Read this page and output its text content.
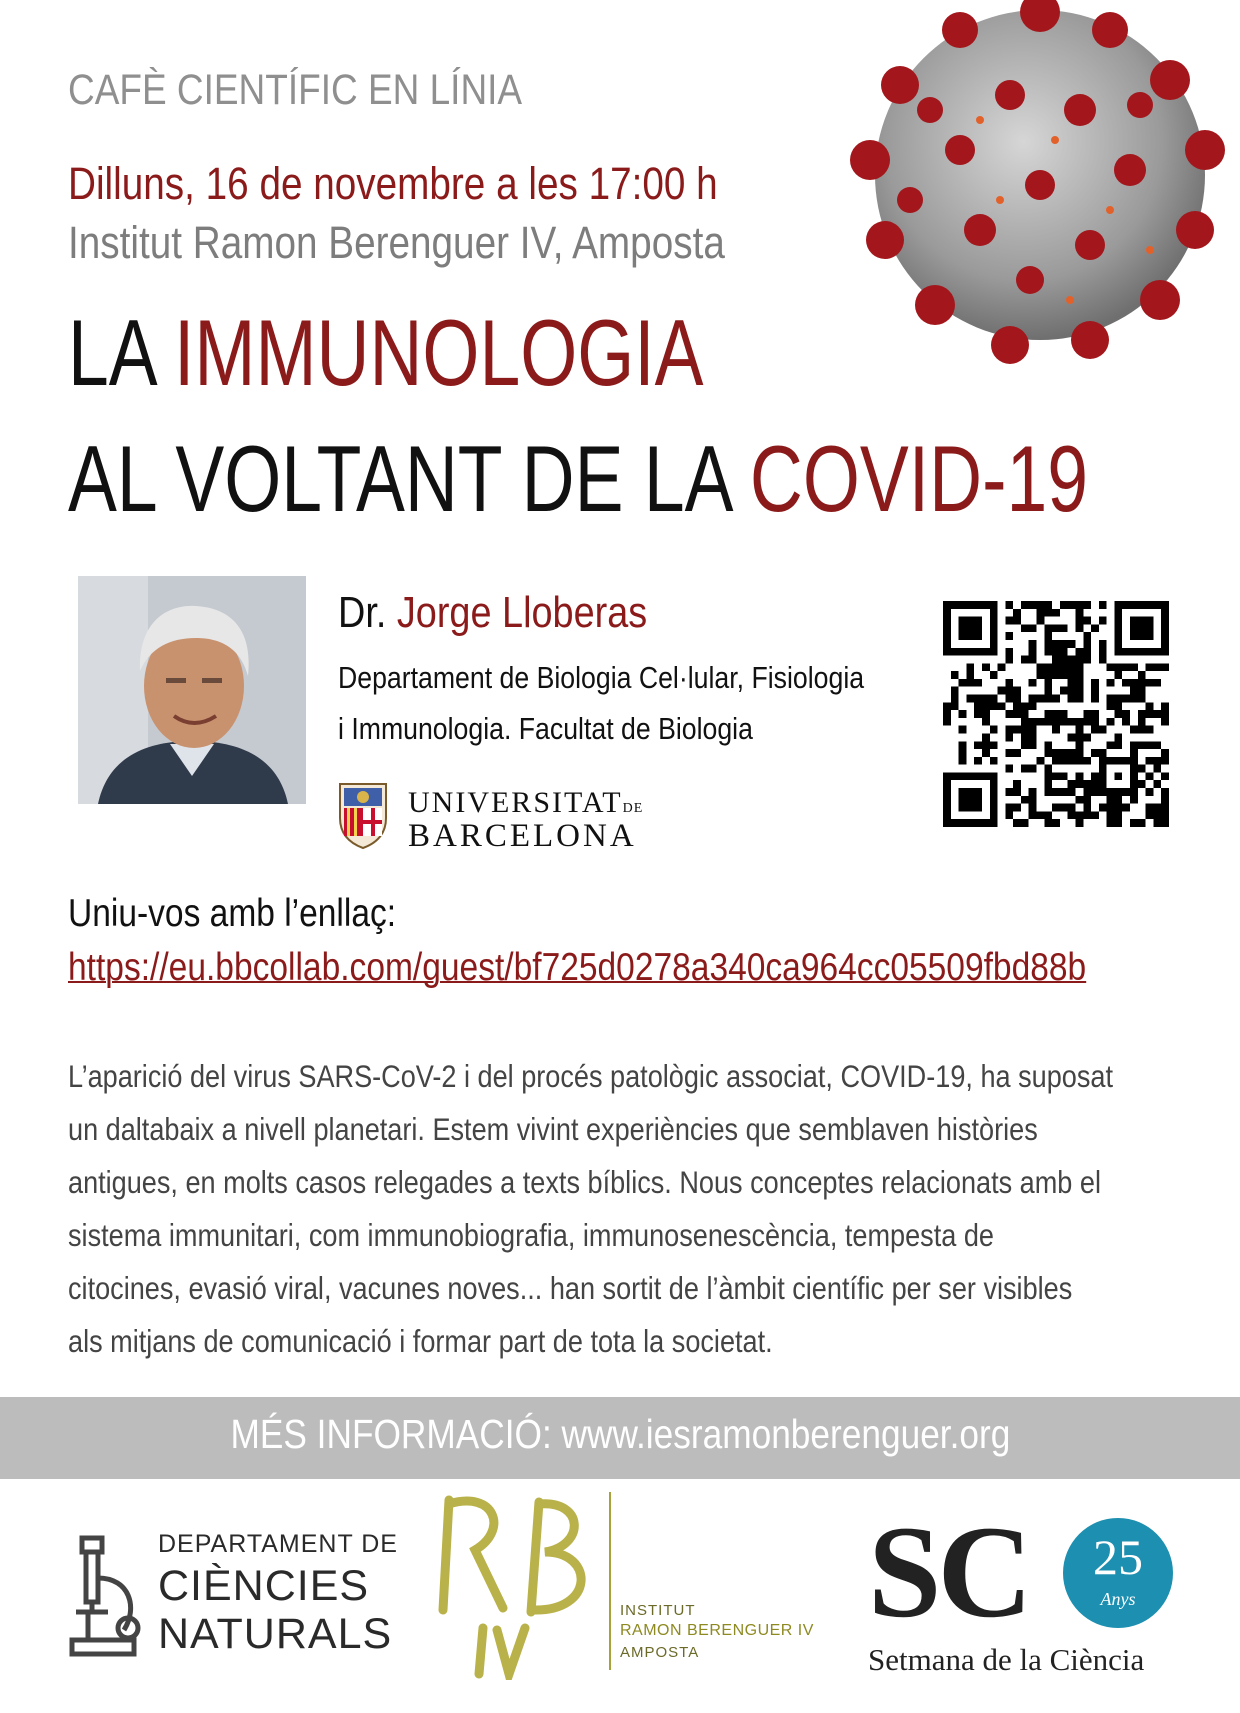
CAFÈ CIENTÍFIC EN LÍNIA
Dilluns, 16 de novembre a les 17:00 h
Institut Ramon Berenguer IV, Amposta
LA IMMUNOLOGIA
AL VOLTANT DE LA COVID-19
Dr. Jorge Lloberas
Departament de Biologia Cel·lular, Fisiologia
i Immunologia. Facultat de Biologia
UNIVERSITATDE
BARCELONA
Uniu-vos amb l’enllaç:
https://eu.bbcollab.com/guest/bf725d0278a340ca964cc05509fbd88b
L’aparició del virus SARS-CoV-2 i del procés patològic associat, COVID-19, ha suposat
un daltabaix a nivell planetari. Estem vivint experiències que semblaven històries
antigues, en molts casos relegades a texts bíblics. Nous conceptes relacionats amb el
sistema immunitari, com immunobiografia, immunosenescència, tempesta de
citocines, evasió viral, vacunes noves... han sortit de l’àmbit científic per ser visibles
als mitjans de comunicació i formar part de tota la societat.
MÉS INFORMACIÓ: www.iesramonberenguer.org
DEPARTAMENT DE
CIÈNCIES
NATURALS	INSTITUT
RAMON BERENGUER IV
AMPOSTA
SC	25
Anys
Setmana de la Ciència
